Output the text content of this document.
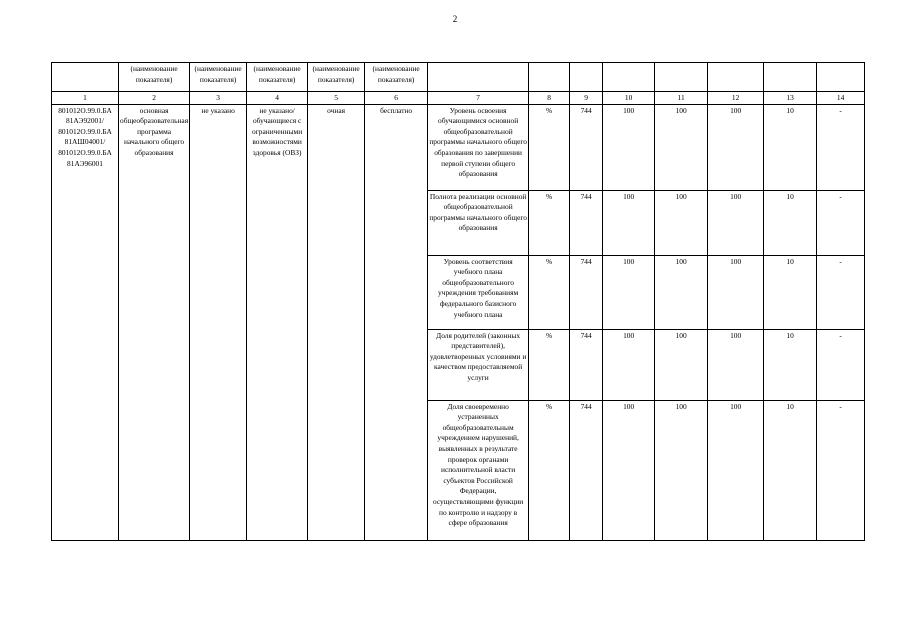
2
	(наименование показателя)	(наименование показателя)	(наименование показателя)	(наименование показателя)	(наименование показателя)								
1	2	3	4	5	6	7	8	9	10	11	12	13	14
801012О.99.0.БА 81АЭ92001/ 801012О.99.0.БА 81АШ04001/ 801012О.99.0.БА 81АЭ96001	основная общеобразовательная программа начального общего образования	не указано	не указано/ обучающиеся с ограниченными возможностями здоровья (ОВЗ)	очная	бесплатно	Уровень освоения обучающимися основной общеобразовательной программы начального общего образования по завершении первой ступени общего образования	%	744	100	100	100	10	-
						Полнота реализации основной общеобразовательной программы начального общего образования	%	744	100	100	100	10	-
						Уровень соответствия учебного плана общеобразовательного учреждения требованиям федерального базисного учебного плана	%	744	100	100	100	10	-
						Доля родителей (законных представителей), удовлетворенных условиями и качеством предоставляемой услуги	%	744	100	100	100	10	-
						Доля своевременно устраненных общеобразовательным учреждением нарушений, выявленных в результате проверок органами исполнительной власти субъектов Российской Федерации, осуществляющими функции по контролю и надзору в сфере образования	%	744	100	100	100	10	-
